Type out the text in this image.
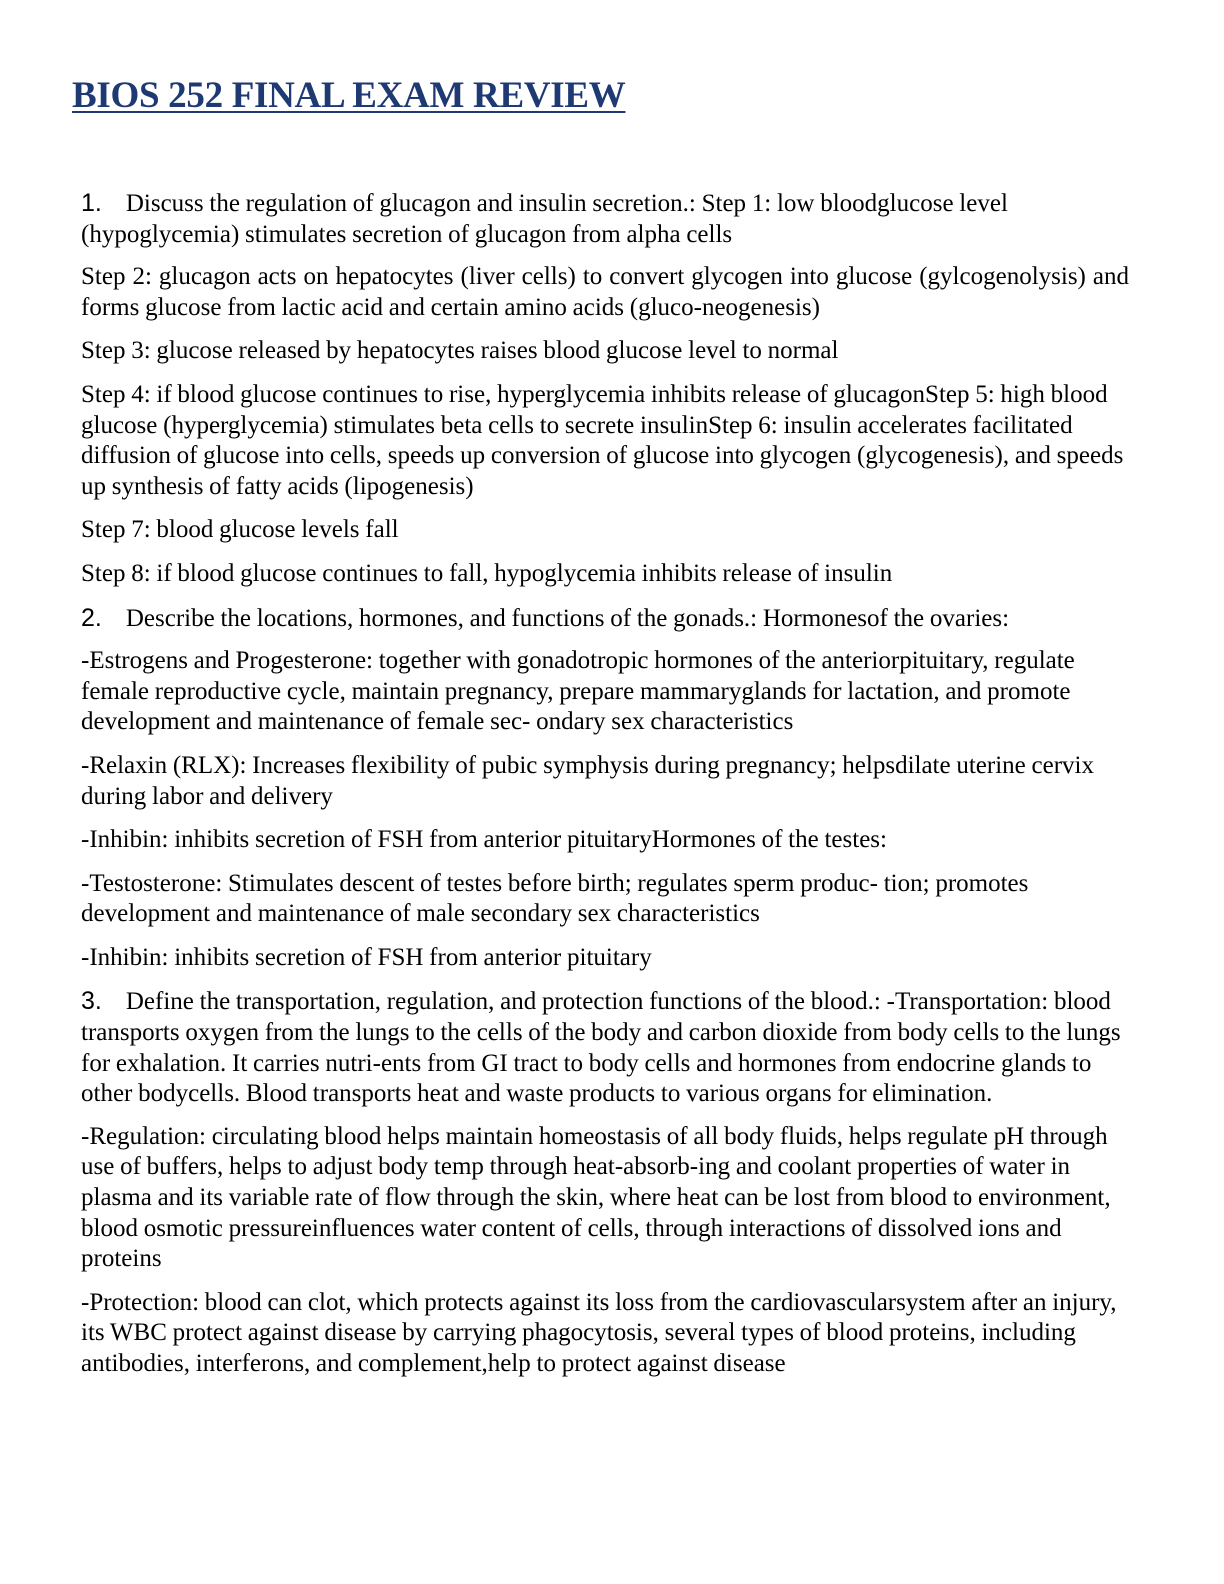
BIOS 252 FINAL EXAM REVIEW

1. Discuss the regulation of glucagon and insulin secretion.: Step 1: low bloodglucose level (hypoglycemia) stimulates secretion of glucagon from alpha cells

Step 2: glucagon acts on hepatocytes (liver cells) to convert glycogen into glucose (gylcogenolysis) and forms glucose from lactic acid and certain amino acids (gluco-neogenesis)

Step 3: glucose released by hepatocytes raises blood glucose level to normal

Step 4: if blood glucose continues to rise, hyperglycemia inhibits release of glucagonStep 5: high blood glucose (hyperglycemia) stimulates beta cells to secrete insulinStep 6: insulin accelerates facilitated diffusion of glucose into cells, speeds up conversion of glucose into glycogen (glycogenesis), and speeds up synthesis of fatty acids (lipogenesis)

Step 7: blood glucose levels fall

Step 8: if blood glucose continues to fall, hypoglycemia inhibits release of insulin

2. Describe the locations, hormones, and functions of the gonads.: Hormonesof the ovaries:

-Estrogens and Progesterone: together with gonadotropic hormones of the anteriorpituitary, regulate female reproductive cycle, maintain pregnancy, prepare mammaryglands for lactation, and promote development and maintenance of female sec- ondary sex characteristics

-Relaxin (RLX): Increases flexibility of pubic symphysis during pregnancy; helpsdilate uterine cervix during labor and delivery

-Inhibin: inhibits secretion of FSH from anterior pituitaryHormones of the testes:

-Testosterone: Stimulates descent of testes before birth; regulates sperm produc- tion; promotes development and maintenance of male secondary sex characteristics

-Inhibin: inhibits secretion of FSH from anterior pituitary

3. Define the transportation, regulation, and protection functions of the blood.: -Transportation: blood transports oxygen from the lungs to the cells of the body and carbon dioxide from body cells to the lungs for exhalation. It carries nutri-ents from GI tract to body cells and hormones from endocrine glands to other bodycells. Blood transports heat and waste products to various organs for elimination.

-Regulation: circulating blood helps maintain homeostasis of all body fluids, helps regulate pH through use of buffers, helps to adjust body temp through heat-absorb-ing and coolant properties of water in plasma and its variable rate of flow through the skin, where heat can be lost from blood to environment, blood osmotic pressureinfluences water content of cells, through interactions of dissolved ions and proteins

-Protection: blood can clot, which protects against its loss from the cardiovascularsystem after an injury, its WBC protect against disease by carrying phagocytosis, several types of blood proteins, including antibodies, interferons, and complement,help to protect against disease
